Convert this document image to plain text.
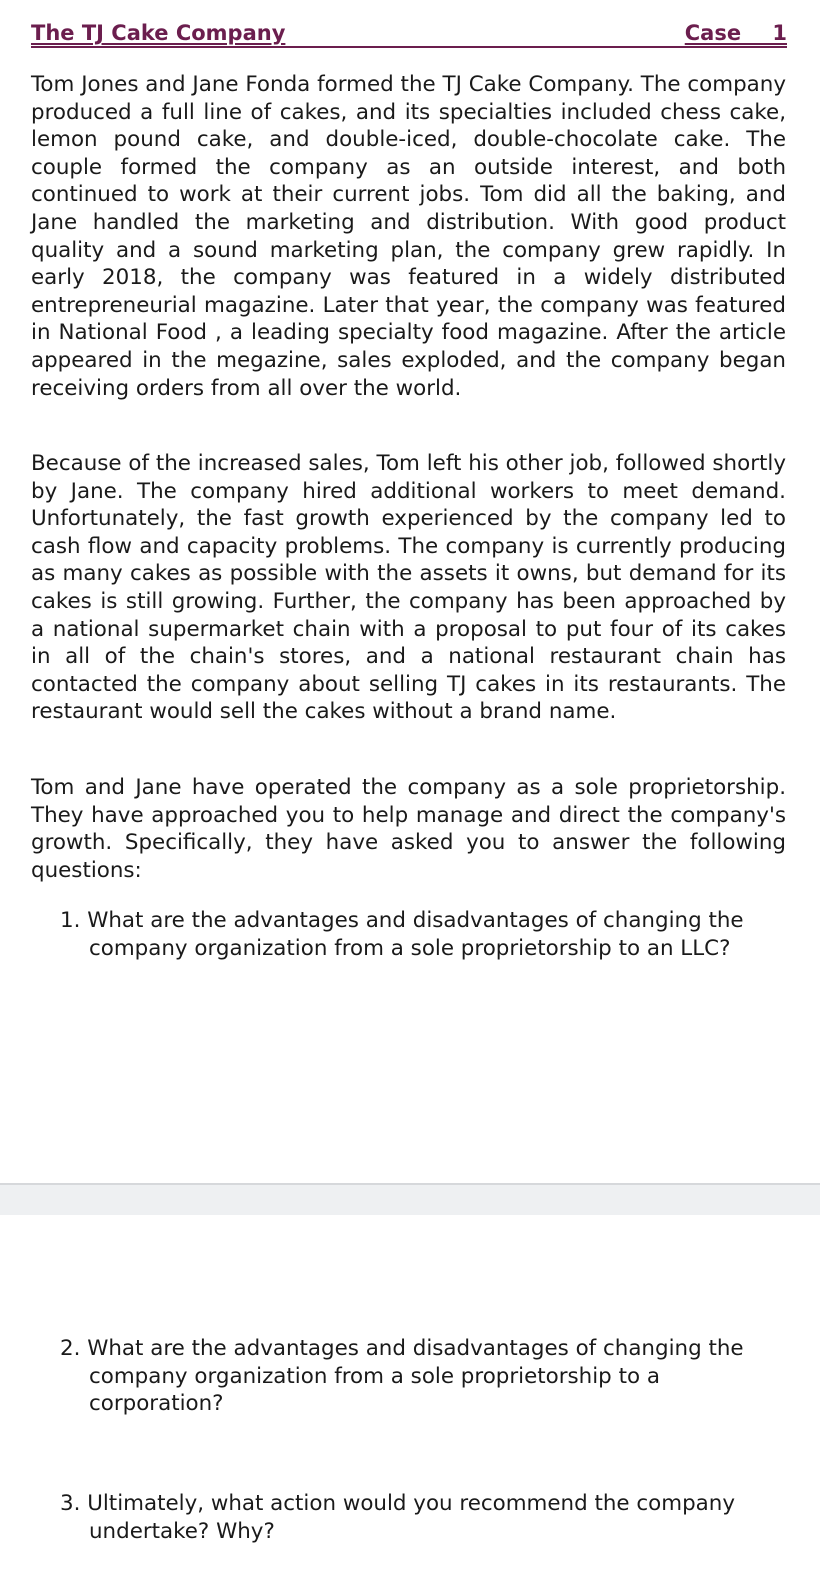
The TJ Cake Company	Case 1

Tom Jones and Jane Fonda formed the TJ Cake Company. The company produced a full line of cakes, and its specialties included chess cake, lemon pound cake, and double-iced, double-chocolate cake. The couple formed the company as an outside interest, and both continued to work at their current jobs. Tom did all the baking, and Jane handled the marketing and distribution. With good product quality and a sound marketing plan, the company grew rapidly. In early 2018, the company was featured in a widely distributed entrepreneurial magazine. Later that year, the company was featured in National Food , a leading specialty food magazine. After the article appeared in the megazine, sales exploded, and the company began receiving orders from all over the world.

Because of the increased sales, Tom left his other job, followed shortly by Jane. The company hired additional workers to meet demand. Unfortunately, the fast growth experienced by the company led to cash flow and capacity problems. The company is currently producing as many cakes as possible with the assets it owns, but demand for its cakes is still growing. Further, the company has been approached by a national supermarket chain with a proposal to put four of its cakes in all of the chain's stores, and a national restaurant chain has contacted the company about selling TJ cakes in its restaurants. The restaurant would sell the cakes without a brand name.

Tom and Jane have operated the company as a sole proprietorship. They have approached you to help manage and direct the company's growth. Specifically, they have asked you to answer the following questions:

1. What are the advantages and disadvantages of changing the company organization from a sole proprietorship to an LLC?

2. What are the advantages and disadvantages of changing the company organization from a sole proprietorship to a corporation?

3. Ultimately, what action would you recommend the company undertake? Why?
